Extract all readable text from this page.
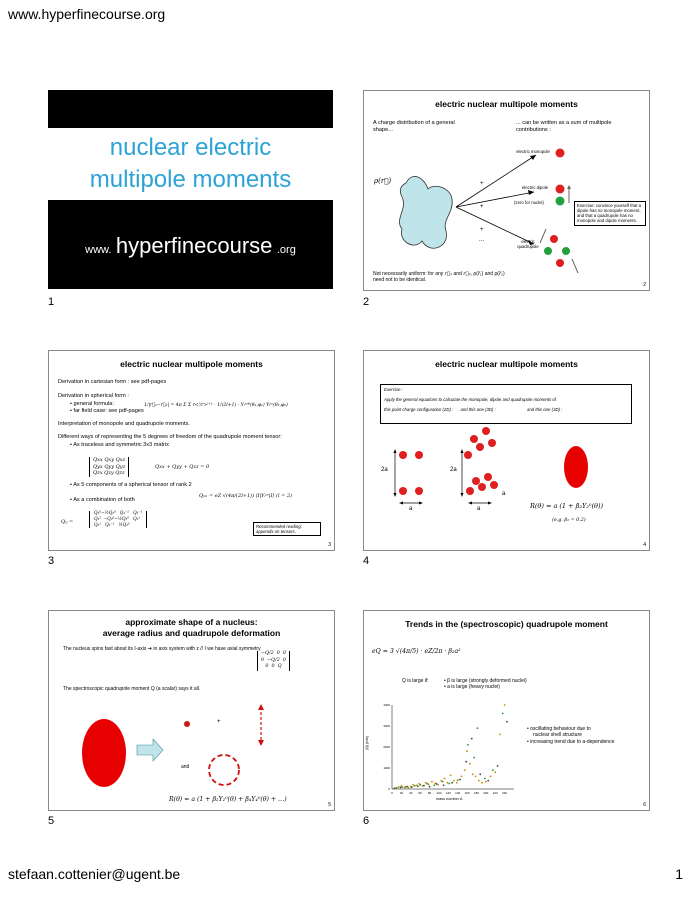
www.hyperfinecourse.org
stefaan.cottenier@ugent.be	1
nuclear electric
multipole moments
www. hyperfinecourse .org
1
electric nuclear multipole moments
A charge distribution of a general shape...
... can be written as a sum of multipole contributions :
ρ(r⃗)
electric monopole
+
electric dipole
(zero for nuclei)
+
electric quadrupole
+
...
Exercise: convince yourself that a dipole has no monopole moment, and that a quadrupole has no monopole and dipole moments.
Not necessarily uniform: for any r⃗₁ and r⃗₂, ρ(r⃗₁) and ρ(r⃗₂)
need not to be identical.
2
2
electric nuclear multipole moments
Derivation in cartesian form : see pdf-pages
Derivation in spherical form :
• general formula:
• far field case: see pdf-pages
Interpretation of monopole and quadrupole moments.
Different ways of representing the 5 degrees of freedom of the quadrupole moment tensor:
• As traceless and symmetric 3x3 matrix
1/|r⃗₁−r⃗₂| = 4π Σ Σ r<ˡ/r>ˡ⁺¹ · 1/(2l+1) · Yₗᵐ*(θ₁,φ₁) Yₗᵐ(θ₂,φ₂)
Qxx Qxy Qxz
Qyx Qyy Qyz
Qzx Qzy Qzz
Qxx + Qyy + Qzz = 0
• As 5 components of a spherical tensor of rank 2
Qₗₘ = eZ √(4π/(2l+1)) ⟨I|Yₗᵐ|I⟩ (l = 2)
• As a combination of both
Q₂⁰−½Q₂⁰   Q₂⁻²   Q₂⁻¹
Q₂²  −Q₂⁰−½Q₂⁰   Q₂¹
Q₂¹   Q₂⁻¹   ½Q₂⁰
Qᵢⱼ =
Recommended reading: appendix on tensors.
3
3
electric nuclear multipole moments
Exercise :
Apply the general equations to calculate the monopole, dipole and quadrupole moments of
this point charge configuration (2D) : and this one (3D) :	and this one (3D) :
2a
a
2a
a
a
R(θ) = a (1 + β₂Y₂⁰(θ))
(e.g. β₂ = 0.2)
4
4
approximate shape of a nucleus:
average radius and quadrupole deformation
The nucleus spins fast about its I-axis ➔ in axis system with z // I we have axial symmetry
−Q/2 0 0
0 −Q/2 0
0 0 Q
The spectroscopic quadrupole moment Q (a scalar) says it all.
+
and
R(θ) = a (1 + β₂Y₂⁰(θ) + β₄Y₄⁰(θ) + …)
5
5
Trends in the (spectroscopic) quadrupole moment
eQ = 3 √(4π/5) · eZ/2π · β₂a²
Q is large if:	• β is large (strongly deformed nuclei)
• a is large (heavy nuclei)
0
1000
2000
3000
4000
0 20 40 60 80 100 120 140 160 180 200 220 240
|Q| (mb)
mass number A
• oscillating behaviour due to
nuclear shell structure
• increasing trend due to a-dependence
6
6
